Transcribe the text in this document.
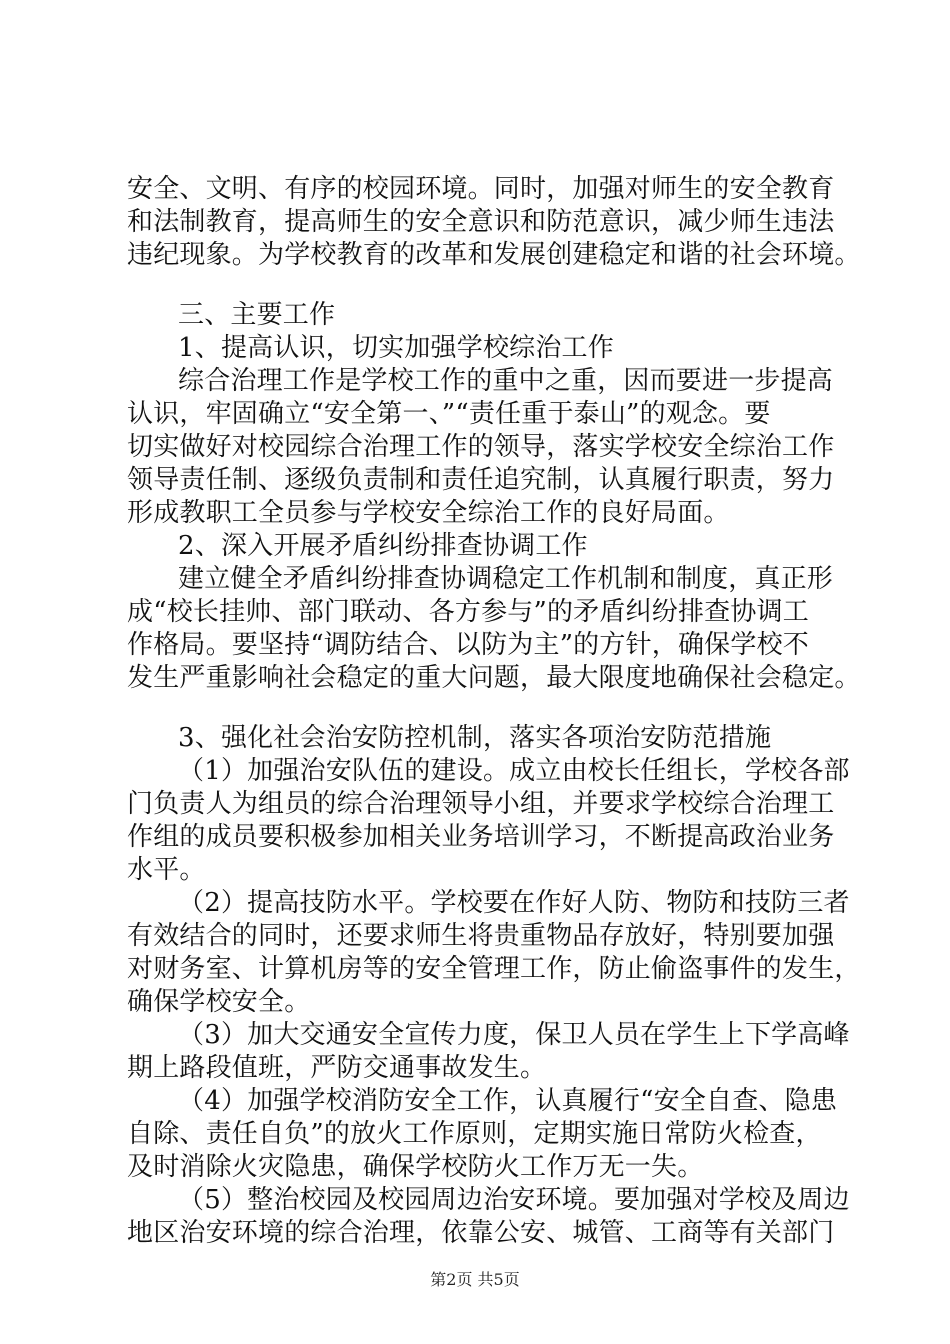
安全、文明、有序的校园环境。同时，加强对师生的安全教育
和法制教育，提高师生的安全意识和防范意识，减少师生违法
违纪现象。为学校教育的改革和发展创建稳定和谐的社会环境。
三、主要工作
1、提高认识，切实加强学校综治工作
综合治理工作是学校工作的重中之重，因而要进一步提高
认识，牢固确立“安全第一、”“责任重于泰山”的观念。要
切实做好对校园综合治理工作的领导，落实学校安全综治工作
领导责任制、逐级负责制和责任追究制，认真履行职责，努力
形成教职工全员参与学校安全综治工作的良好局面。
2、深入开展矛盾纠纷排查协调工作
建立健全矛盾纠纷排查协调稳定工作机制和制度，真正形
成“校长挂帅、部门联动、各方参与”的矛盾纠纷排查协调工
作格局。要坚持“调防结合、以防为主”的方针，确保学校不
发生严重影响社会稳定的重大问题，最大限度地确保社会稳定。
3、强化社会治安防控机制，落实各项治安防范措施
（1）加强治安队伍的建设。成立由校长任组长，学校各部
门负责人为组员的综合治理领导小组，并要求学校综合治理工
作组的成员要积极参加相关业务培训学习，不断提高政治业务
水平。
（2）提高技防水平。学校要在作好人防、物防和技防三者
有效结合的同时，还要求师生将贵重物品存放好，特别要加强
对财务室、计算机房等的安全管理工作，防止偷盗事件的发生，
确保学校安全。
（3）加大交通安全宣传力度，保卫人员在学生上下学高峰
期上路段值班，严防交通事故发生。
（4）加强学校消防安全工作，认真履行“安全自查、隐患
自除、责任自负”的放火工作原则，定期实施日常防火检查，
及时消除火灾隐患，确保学校防火工作万无一失。
（5）整治校园及校园周边治安环境。要加强对学校及周边
地区治安环境的综合治理，依靠公安、城管、工商等有关部门
第2页 共5页
